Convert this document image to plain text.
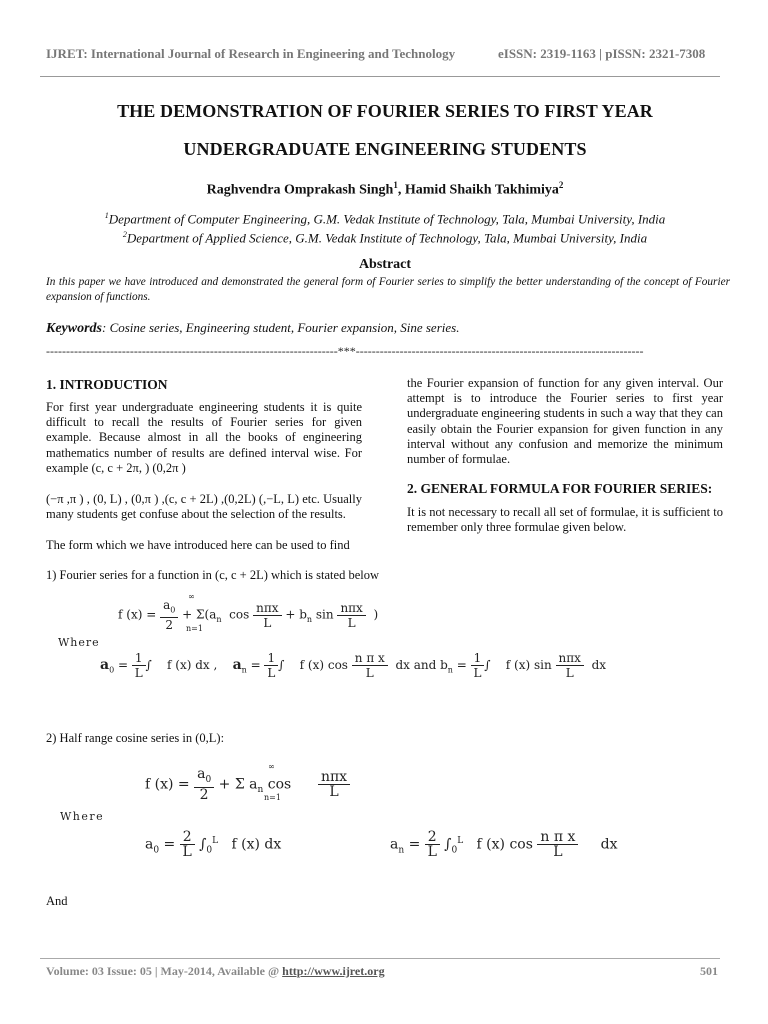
IJRET: International Journal of Research in Engineering and Technology	eISSN: 2319-1163 | pISSN: 2321-7308
THE DEMONSTRATION OF FOURIER SERIES TO FIRST YEAR
UNDERGRADUATE ENGINEERING STUDENTS
Raghvendra Omprakash Singh$^1$, Hamid Shaikh Takhimiya$^2$
$^1$Department of Computer Engineering, G.M. Vedak Institute of Technology, Tala, Mumbai University, India
$^2$Department of Applied Science, G.M. Vedak Institute of Technology, Tala, Mumbai University, India
Abstract
In this paper we have introduced and demonstrated the general form of Fourier series to simplify the better understanding of the concept of Fourier expansion of functions.
Keywords: Cosine series, Engineering student, Fourier expansion, Sine series.
-------------------------------------------------------------------------***------------------------------------------------------------------------
1. INTRODUCTION
For first year undergraduate engineering students it is quite difficult to recall the results of Fourier series for given example. Because almost in all the books of engineering mathematics number of results are defined interval wise. For example (c, c + 2π, ) (0,2π )
(−π ,π ) , (0, L) , (0,π ) ,(c, c + 2L) ,(0,2L) (,−L, L) etc. Usually many students get confuse about the selection of the results.
The form which we have introduced here can be used to find
the Fourier expansion of function for any given interval. Our attempt is to introduce the Fourier series to first year undergraduate engineering students in such a way that they can easily obtain the Fourier expansion for given function in any interval without any confusion and memorize the minimum number of formulae.
2. GENERAL FORMULA FOR FOURIER SERIES:
It is not necessary to recall all set of formulae, it is sufficient to remember only three formulae given below.
1) Fourier series for a function in (c, c + 2L) which is stated below
f $(x) = \frac{a_0}{2} + \Sigma(a_n$ $\cos \frac{\text{nπx}}{L} + b_n$ $\sin \frac{\text{nπx}}{L}$ )
∞
n=1
Where
$a_0 = \frac{1}{L}$ ∫    f (x) dx , $a_n = \frac{1}{L}$ ∫    f (x) $\cos \frac{\text{n π x}}{L}$ dx and $b_n = \frac{1}{L}$ ∫    f (x) $\sin \frac{\text{nπx}}{L}$ dx
2) Half range cosine series in (0,L):
f $(x) = \frac{a_0}{2} + \Sigma$ $a_n$ $\cos \frac{\text{nπx}}{L}$
∞
n=1
Where
$a_0 = \frac{2}{L} \int_0^L$ f (x) dx	$a_n = \frac{2}{L} \int_0^L$ f (x) $\cos \frac{\text{n π x}}{L}$ dx
And
Volume: 03 Issue: 05 | May-2014, Available @ http://www.ijret.org	501
